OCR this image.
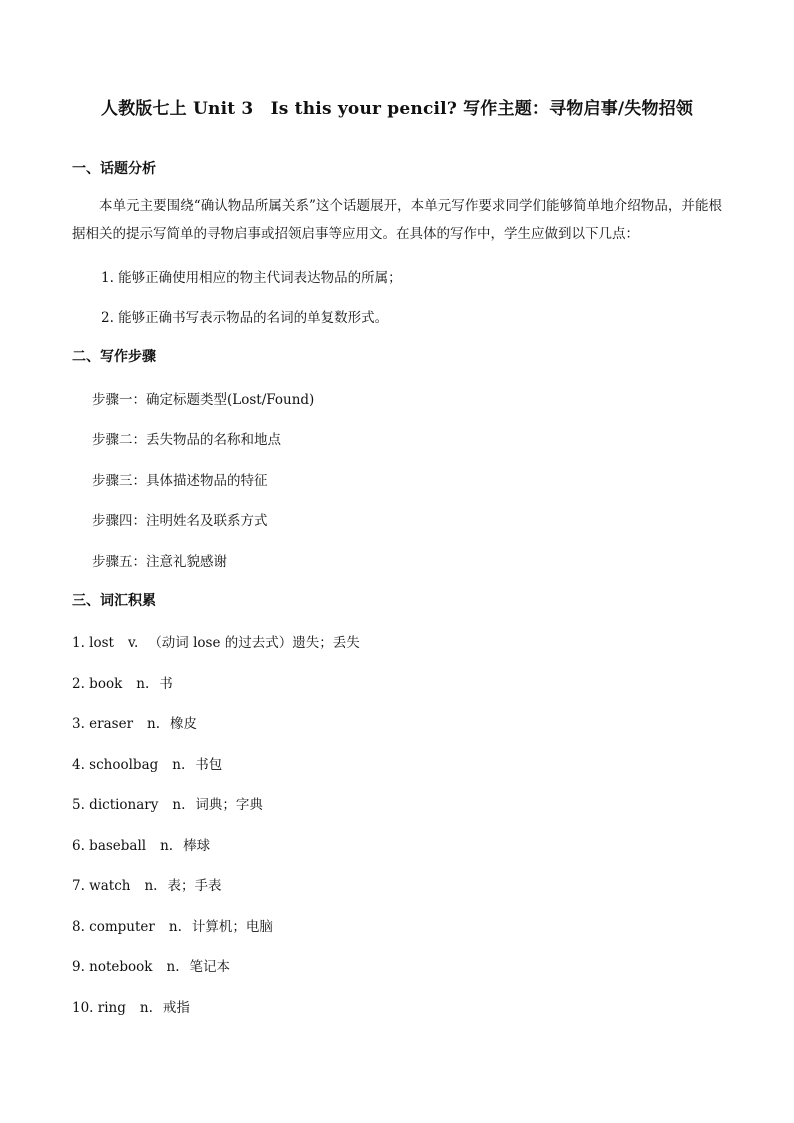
人教版七上 Unit 3　Is this your pencil? 写作主题：寻物启事/失物招领
一、话题分析
本单元主要围绕“确认物品所属关系”这个话题展开，本单元写作要求同学们能够简单地介绍物品，并能根据相关的提示写简单的寻物启事或招领启事等应用文。在具体的写作中，学生应做到以下几点：
1. 能够正确使用相应的物主代词表达物品的所属；
2. 能够正确书写表示物品的名词的单复数形式。
二、写作步骤
步骤一：确定标题类型(Lost/Found)
步骤二：丢失物品的名称和地点
步骤三：具体描述物品的特征
步骤四：注明姓名及联系方式
步骤五：注意礼貌感谢
三、词汇积累
1. lost v. （动词 lose 的过去式）遗失；丢失
2. book n. 书
3. eraser n. 橡皮
4. schoolbag n. 书包
5. dictionary n. 词典；字典
6. baseball n. 棒球
7. watch n. 表；手表
8. computer n. 计算机；电脑
9. notebook n. 笔记本
10. ring n. 戒指
